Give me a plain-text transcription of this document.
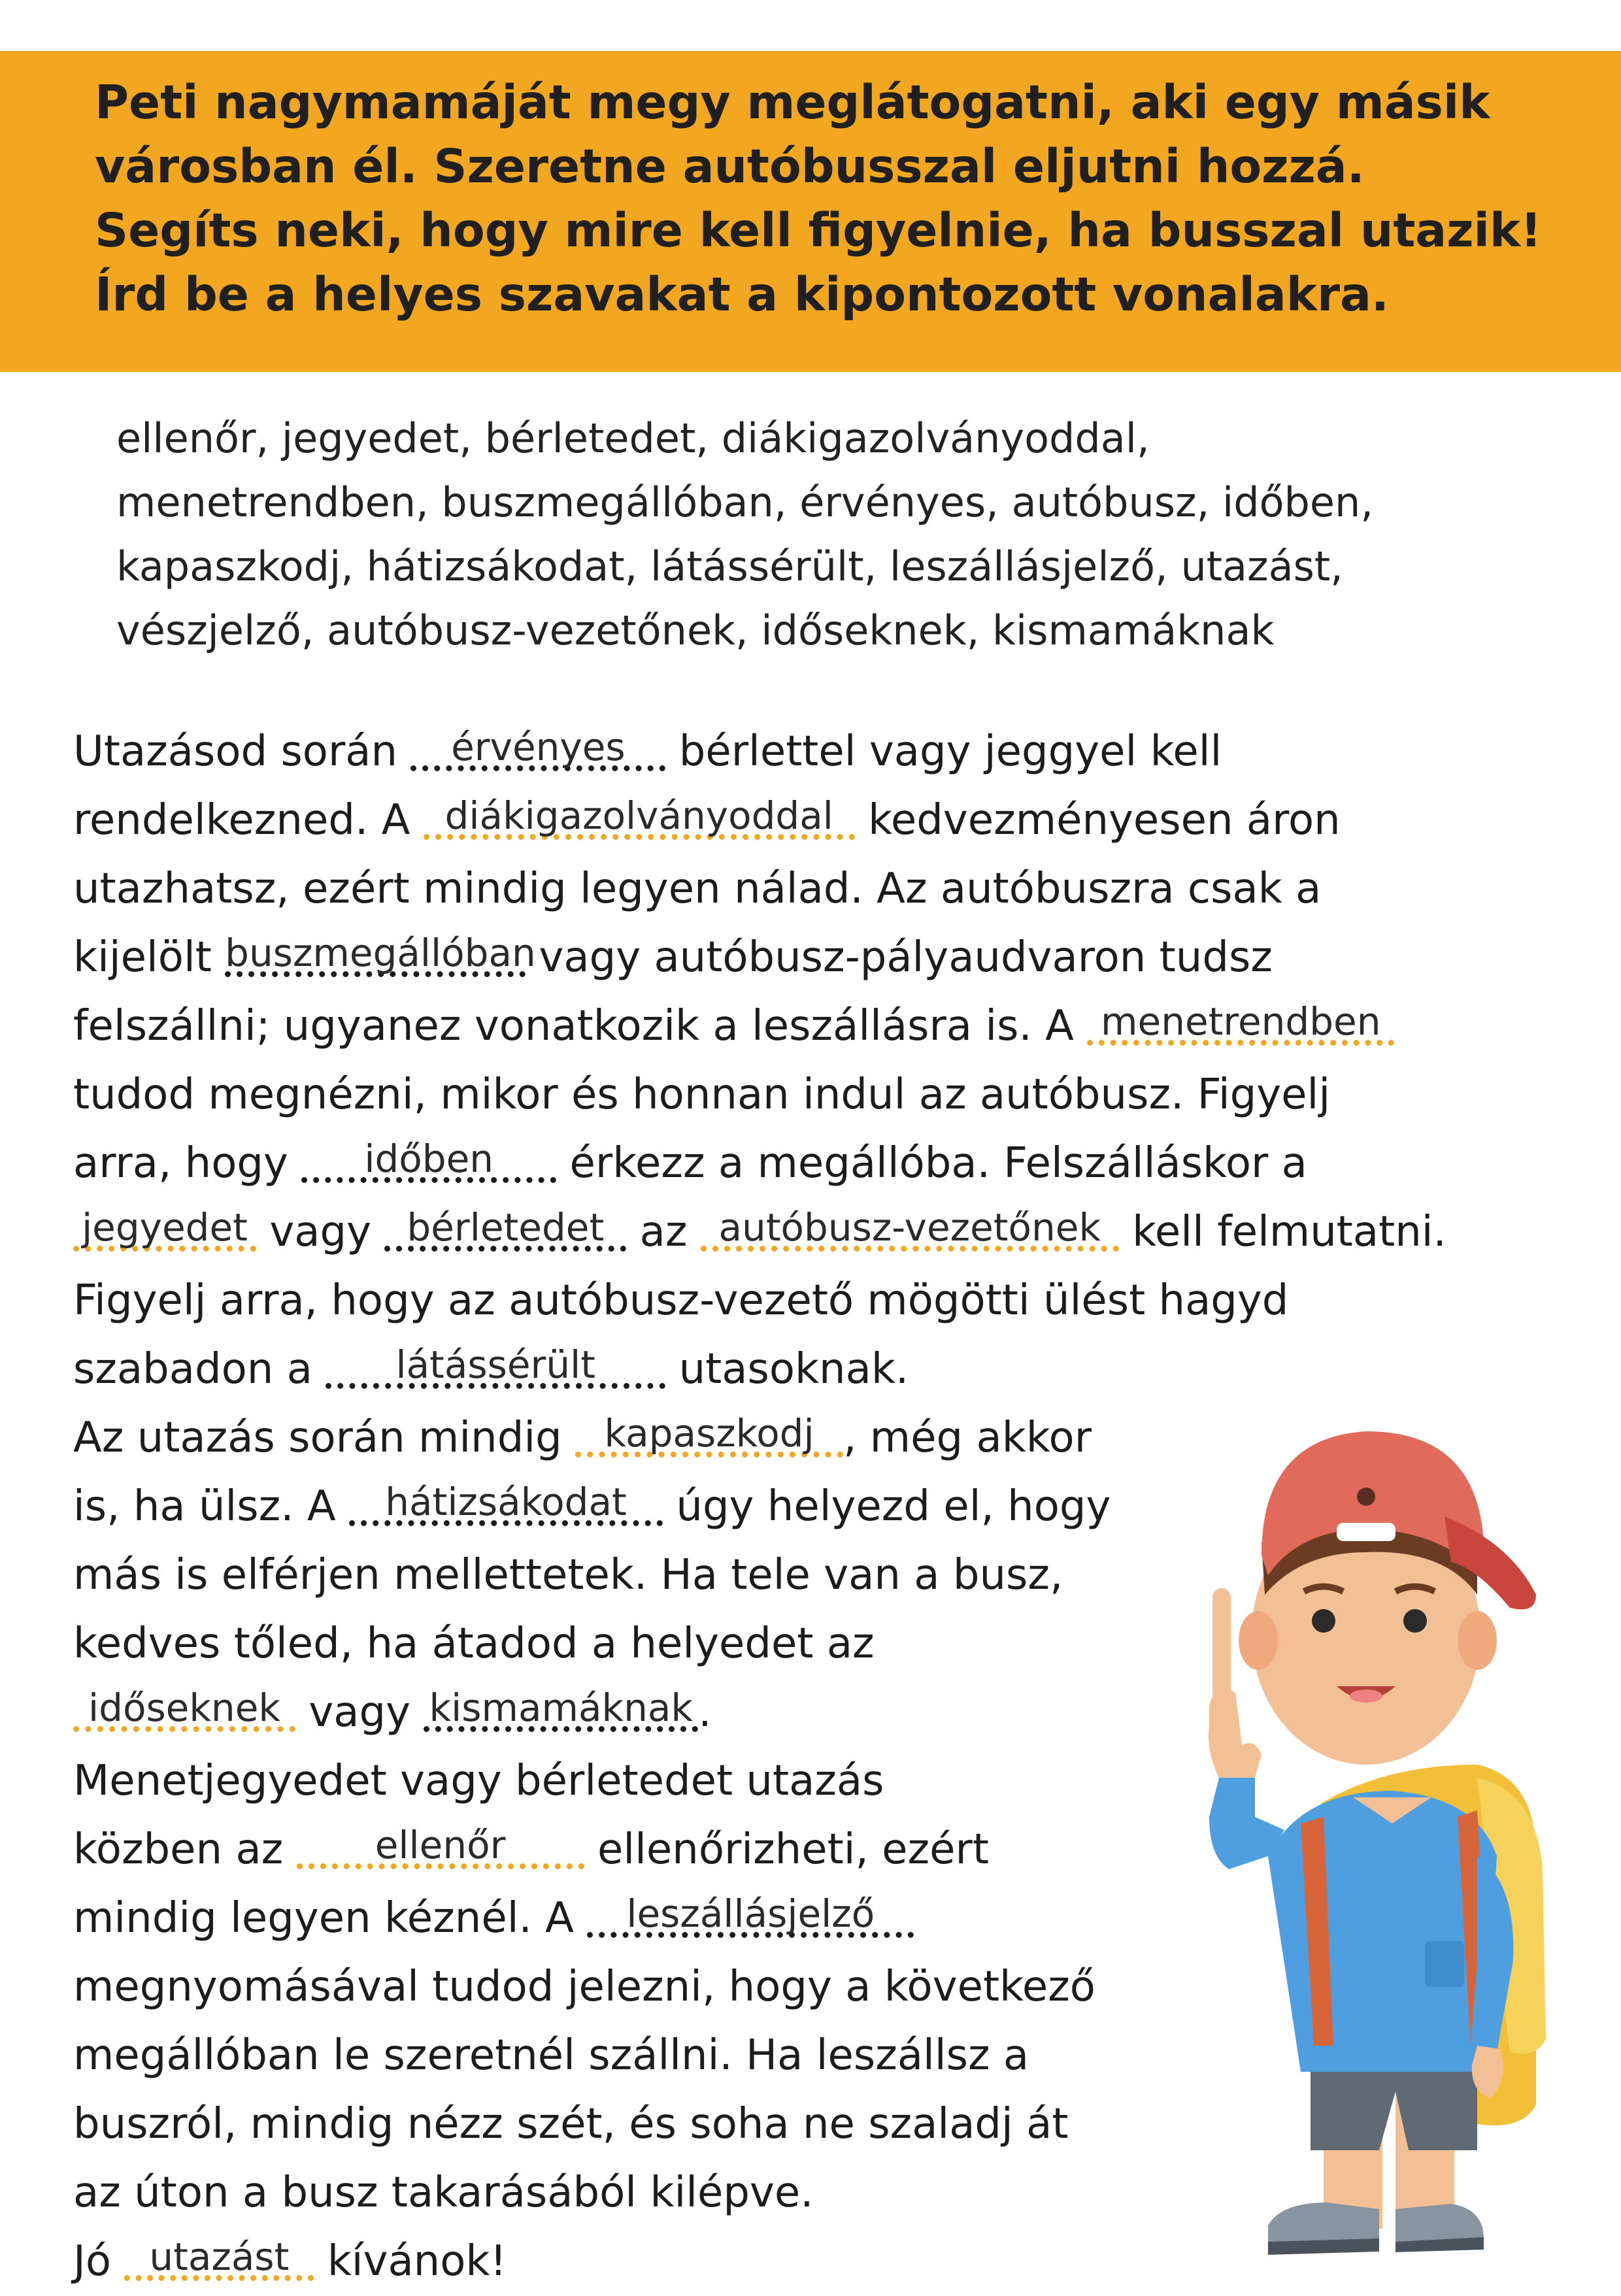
Peti nagymamáját megy meglátogatni, aki egy másik
városban él. Szeretne autóbusszal eljutni hozzá.
Segíts neki, hogy mire kell figyelnie, ha busszal utazik!
Írd be a helyes szavakat a kipontozott vonalakra.
ellenőr, jegyedet, bérletedet, diákigazolványoddal,
menetrendben, buszmegállóban, érvényes, autóbusz, időben,
kapaszkodj, hátizsákodat, látássérült, leszállásjelző, utazást,
vészjelző, autóbusz-vezetőnek, időseknek, kismamáknak
Utazásod során	érvényes bérlettel vagy jeggyel kell
rendelkezned. A diákigazolványoddal kedvezményesen áron
utazhatsz, ezért mindig legyen nálad. Az autóbuszra csak a
kijelölt buszmegállóban
vagy autóbusz-pályaudvaron tudsz
felszállni; ugyanez vonatkozik a leszállásra is. A menetrendben
tudod megnézni, mikor és honnan indul az autóbusz. Figyelj
arra, hogy	időben	érkezz a megállóba. Felszálláskor a
jegyedet vagy bérletedet az autóbusz-vezetőnek kell felmutatni.
Figyelj arra, hogy az autóbusz-vezető mögötti ülést hagyd
szabadon a	látássérült	utasoknak.
Az utazás során mindig kapaszkodj , még akkor
is, ha ülsz. A hátizsákodat úgy helyezd el, hogy
más is elférjen mellettetek. Ha tele van a busz,
kedves tőled, ha átadod a helyedet az
időseknek vagy kismamáknak .
Menetjegyedet vagy bérletedet utazás
közben az	ellenőr	ellenőrizheti, ezért
mindig legyen kéznél. A	leszállásjelző
megnyomásával tudod jelezni, hogy a következő
megállóban le szeretnél szállni. Ha leszállsz a
buszról, mindig nézz szét, és soha ne szaladj át
az úton a busz takarásából kilépve.
Jó utazást kívánok!
